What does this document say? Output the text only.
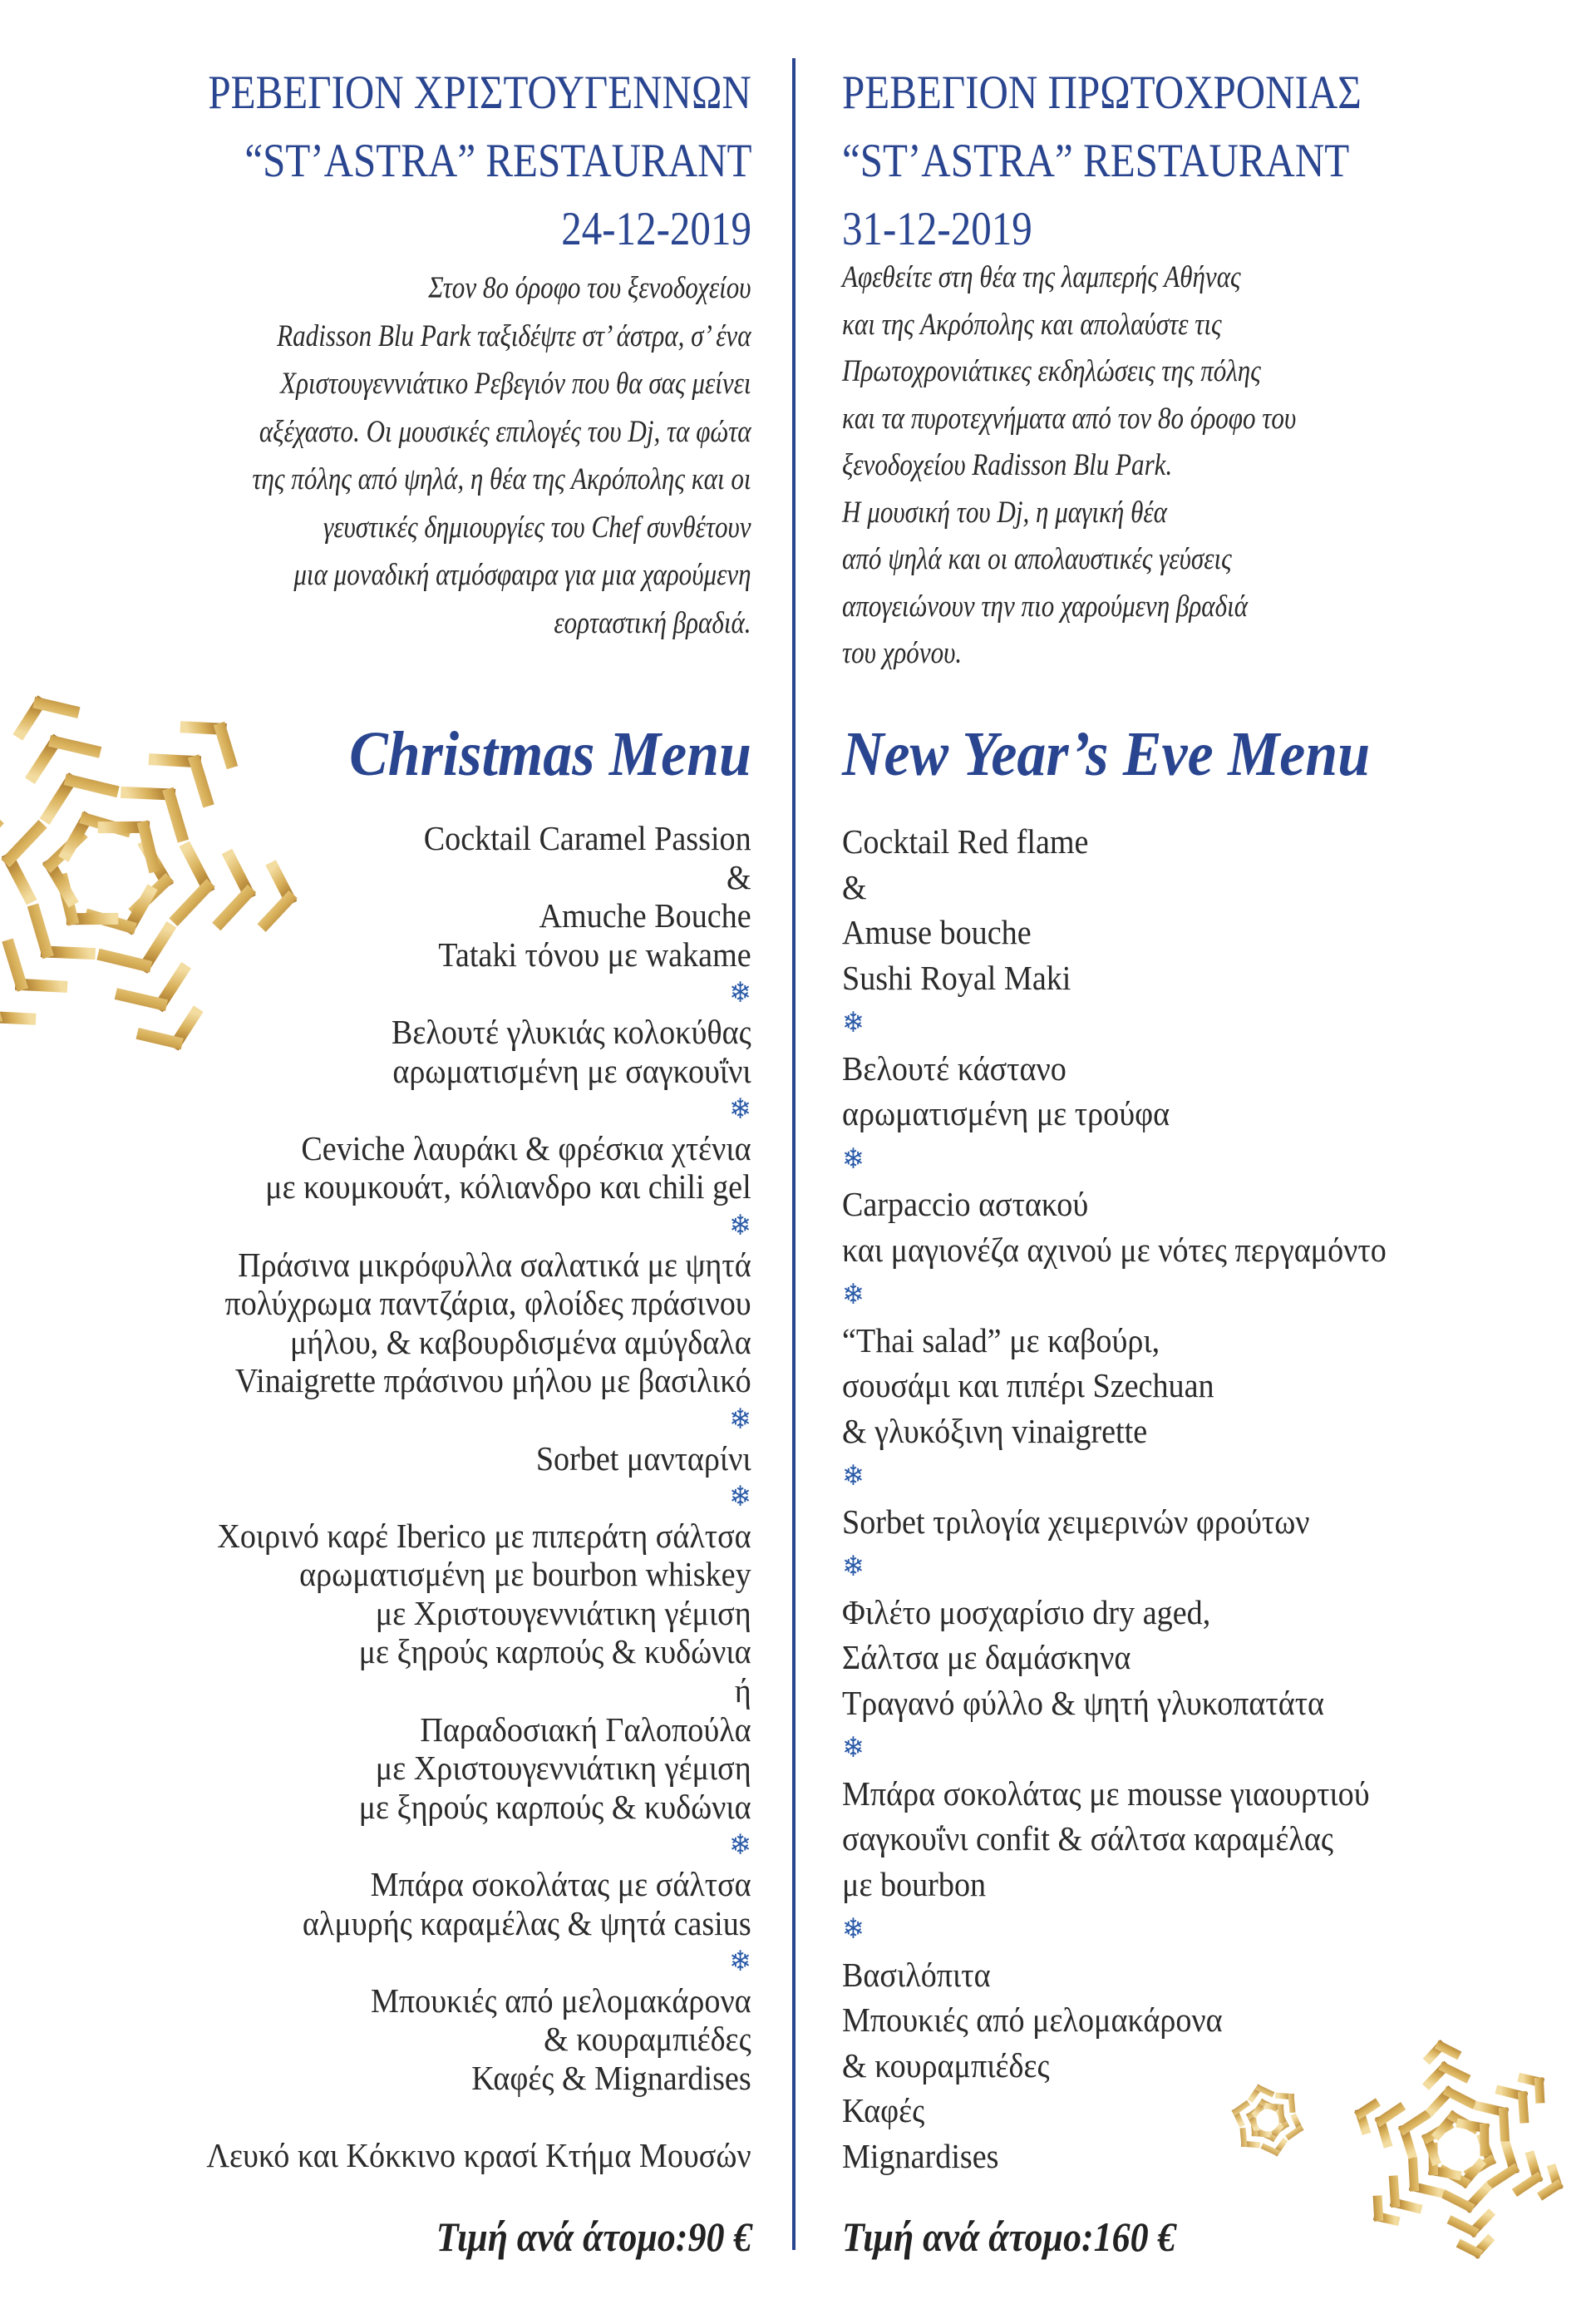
ΡΕΒΕΓΙΟΝ ΧΡΙΣΤΟΥΓΕΝΝΩΝ
“ST’ASTRA” RESTAURANT
24-12-2019
Στον 8ο όροφο του ξενοδοχείου
Radisson Blu Park ταξιδέψτε στ’ άστρα, σ’ ένα
Χριστουγεννιάτικο Ρεβεγιόν που θα σας μείνει
αξέχαστο. Οι μουσικές επιλογές του Dj, τα φώτα
της πόλης από ψηλά, η θέα της Ακρόπολης και οι
γευστικές δημιουργίες του Chef συνθέτουν
μια μοναδική ατμόσφαιρα για μια χαρούμενη
εορταστική βραδιά.
Christmas Menu
Cocktail Caramel Passion
&
Amuche Bouche
Tataki τόνου με wakame
❄
Βελουτέ γλυκιάς κολοκύθας
αρωματισμένη με σαγκουΐνι
❄
Ceviche λαυράκι & φρέσκια χτένια
με κουμκουάτ, κόλιανδρο και chili gel
❄
Πράσινα μικρόφυλλα σαλατικά με ψητά
πολύχρωμα παντζάρια, φλοίδες πράσινου
μήλου, & καβουρδισμένα αμύγδαλα
Vinaigrette πράσινου μήλου με βασιλικό
❄
Sorbet μανταρίνι
❄
Χοιρινό καρέ Iberico με πιπεράτη σάλτσα
αρωματισμένη με bourbon whiskey
με Χριστουγεννιάτικη γέμιση
με ξηρούς καρπούς & κυδώνια
ή
Παραδοσιακή Γαλοπούλα
με Χριστουγεννιάτικη γέμιση
με ξηρούς καρπούς & κυδώνια
❄
Μπάρα σοκολάτας με σάλτσα
αλμυρής καραμέλας & ψητά casius
❄
Μπουκιές από μελομακάρονα
& κουραμπιέδες
Καφές & Mignardises
Λευκό και Κόκκινο κρασί Κτήμα Μουσών
Τιμή ανά άτομο:90 €
ΡΕΒΕΓΙΟΝ ΠΡΩΤΟΧΡΟΝΙΑΣ
“ST’ASTRA” RESTAURANT
31-12-2019
Αφεθείτε στη θέα της λαμπερής Αθήνας
και της Ακρόπολης και απολαύστε τις
Πρωτοχρονιάτικες εκδηλώσεις της πόλης
και τα πυροτεχνήματα από τον 8ο όροφο του
ξενοδοχείου Radisson Blu Park.
Η μουσική του Dj, η μαγική θέα
από ψηλά και οι απολαυστικές γεύσεις
απογειώνουν την πιο χαρούμενη βραδιά
του χρόνου.
New Year’s Eve Menu
Cocktail Red flame
&
Amuse bouche
Sushi Royal Maki
❄
Βελουτέ κάστανο
αρωματισμένη με τρούφα
❄
Carpaccio αστακού
και μαγιονέζα αχινού με νότες περγαμόντο
❄
“Thai salad” με καβούρι,
σουσάμι και πιπέρι Szechuan
& γλυκόξινη vinaigrette
❄
Sorbet τριλογία χειμερινών φρούτων
❄
Φιλέτο μοσχαρίσιο dry aged,
Σάλτσα με δαμάσκηνα
Τραγανό φύλλο & ψητή γλυκοπατάτα
❄
Μπάρα σοκολάτας με mousse γιαουρτιού
σαγκουΐνι confit & σάλτσα καραμέλας
με bourbon
❄
Βασιλόπιτα
Μπουκιές από μελομακάρονα
& κουραμπιέδες
Καφές
Mignardises
Τιμή ανά άτομο:160 €
